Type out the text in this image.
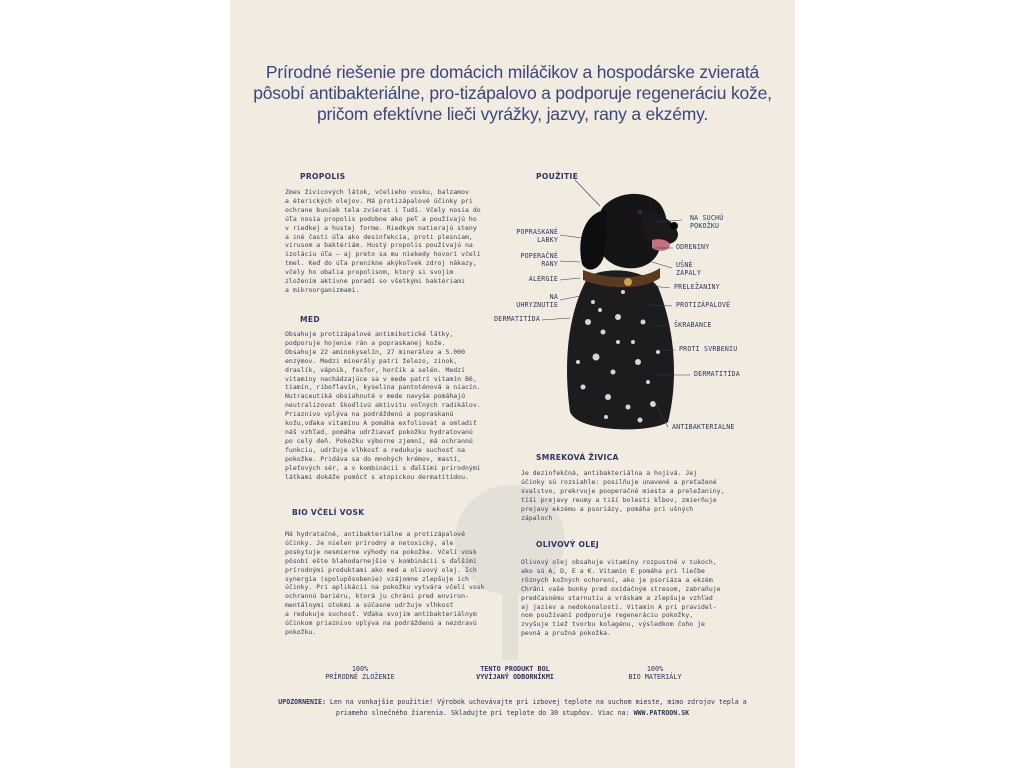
Prírodné riešenie pre domácich miláčikov a hospodárske zvieratá pôsobí antibakteriálne, pro-tizápalovo a podporuje regeneráciu kože, pričom efektívne lieči vyrážky, jazvy, rany a ekzémy.
PROPOLIS

Zmes živicových látok, včelieho vosku, balzamov
a éterických olejov. Má protizápalové účinky pri
ochrane buniek tela zvierat i ľudí. Včely nosia do
úľa nosia propolis podobne ako peľ a používajú ho
v riedkej a hustej forme. Riedkym natierajú steny
a iné časti úľa ako desinfekcia, proti plesniam,
vírusom a baktériám. Hustý propolis používajú na
izoláciu úľa – aj preto sa mu niekedy hovorí včelí
tmel. Keď do úľa prenikne akýkoľvek zdroj nákazy,
včely ho obalia propolisom, ktorý si svojim
zložením aktívne poradí so všetkými baktériami
a mikroorganizmami.

MED

Obsahuje protizápalové antimikotické látky,
podporuje hojenie rán a popraskanej kože.
Obsahuje 22 aminokyselín, 27 minerálov a 5.000
enzýmov. Medzi minerály patrí železo, zinok,
draslík, vápnik, fosfor, horčík a selén. Medzi
vitamíny nachádzajúce sa v mede patrí vitamín B6,
tiamín, riboflavín, kyselina pantoténová a niacín.
Nutraceutiká obsiahnuté v mede navyše pomáhajú
neutralizovat škodlivú aktivitu voľných radikálov.
Priaznivo vplýva na podráždenú a popraskanú
kožu,vďaka vitamínu A pomáha exfoliovat a omladiť
náš vzhľad, pomáha udržiavať pokožku hydratovanú
po celý deň. Pokožku výborne zjemní, má ochrannú
funkciu, udržuje vlhkosť a redukuje suchosť na
pokožke. Pridáva sa do mnohých krémov, mastí,
pleťových sér, a v kombinácii s ďalšími prírodnými
látkami dokáže pomôcť s atopickou dermatitídou.

BIO VČELÍ VOSK

Má hydratačné, antibakteriálne a protizápalové
účinky. Je nielen prírodný a netoxický, ale
poskytuje nesmierne výhody na pokožke. Včelí vosk
pôsobí ešte blahodarnejšie v kombinácii s ďalšími
prírodnými produktami ako med a olivový olej. Ich
synergia (spolupôsobenie) vzájomne zlepšuje ich
účinky. Pri aplikácii na pokožku vytvára včelí vosk
ochrannú bariéru, ktorá ju chráni pred environ-
mentálnymi útokmi a súčasne udržuje vlhkosť
a redukuje suchosť. Vďaka svojim antibakteriálnym
účinkom priaznivo vplýva na podráždenú a nezdravú
pokožku.

POUŽITIE
POPRASKANÉ
LABKY
POPERAČNÉ
RANY
ALERGIE
NA
UHRYZNUTIE
DERMATITÍDA
NA SUCHÚ
POKOŽKU
ODRENINY
UŠNÉ
ZÁPALY
PRELEŽANINY
PROTIZÁPALOVÉ
ŠKRABANCE
PROTI SVRBENIU
DERMATITÍDA
ANTIBAKTERIÁLNE
SMREKOVÁ ŽIVICA

Je dezinfekčná, antibakteriálna a hojivá. Jej
účinky sú rozsiahle: posilňuje unavené a preťažené
svalstvo, prekrvuje pooperačné miesta a preležaniny,
tíši prejavy reumy a tiší bolesti kĺbov, zmierňuje
prejavy ekzému a psoriázy, pomáha pri ušných
zápaloch

OLIVOVÝ OLEJ

Olivový olej obsahuje vitamíny rozpustné v tukoch,
ako sú A, D, E a K. Vitamín E pomáha pri liečbe
rôznych kožných ochorení, ako je psoriáza a ekzém
Chráni vaše bunky pred oxidačným stresom, zabraňuje
predčasnému starnutiu a vráskam a zlepšuje vzhľad
aj jaziev a nedokonalostí. Vitamín A pri pravidel-
nom používaní podporuje regeneráciu pokožky,
zvyšuje tiež tvorbu kolagénu, výsledkom čoho je
pevná a pružná pokožka.

100%
PRÍRODNÉ ZLOŽENIE
TENTO PRODUKT BOL
VYVÍJANÝ ODBORNÍKMI
100%
BIO MATERIÁLY
UPOZORNENIE: Len na vonkajšie použitie! Výrobok uchovávajte pri izbovej teplote na suchom mieste, mimo zdrojov tepla a priameho slnečného žiarenia. Skladujte pri teplote do 30 stupňov. Viac na: WWW.PATROON.SK
